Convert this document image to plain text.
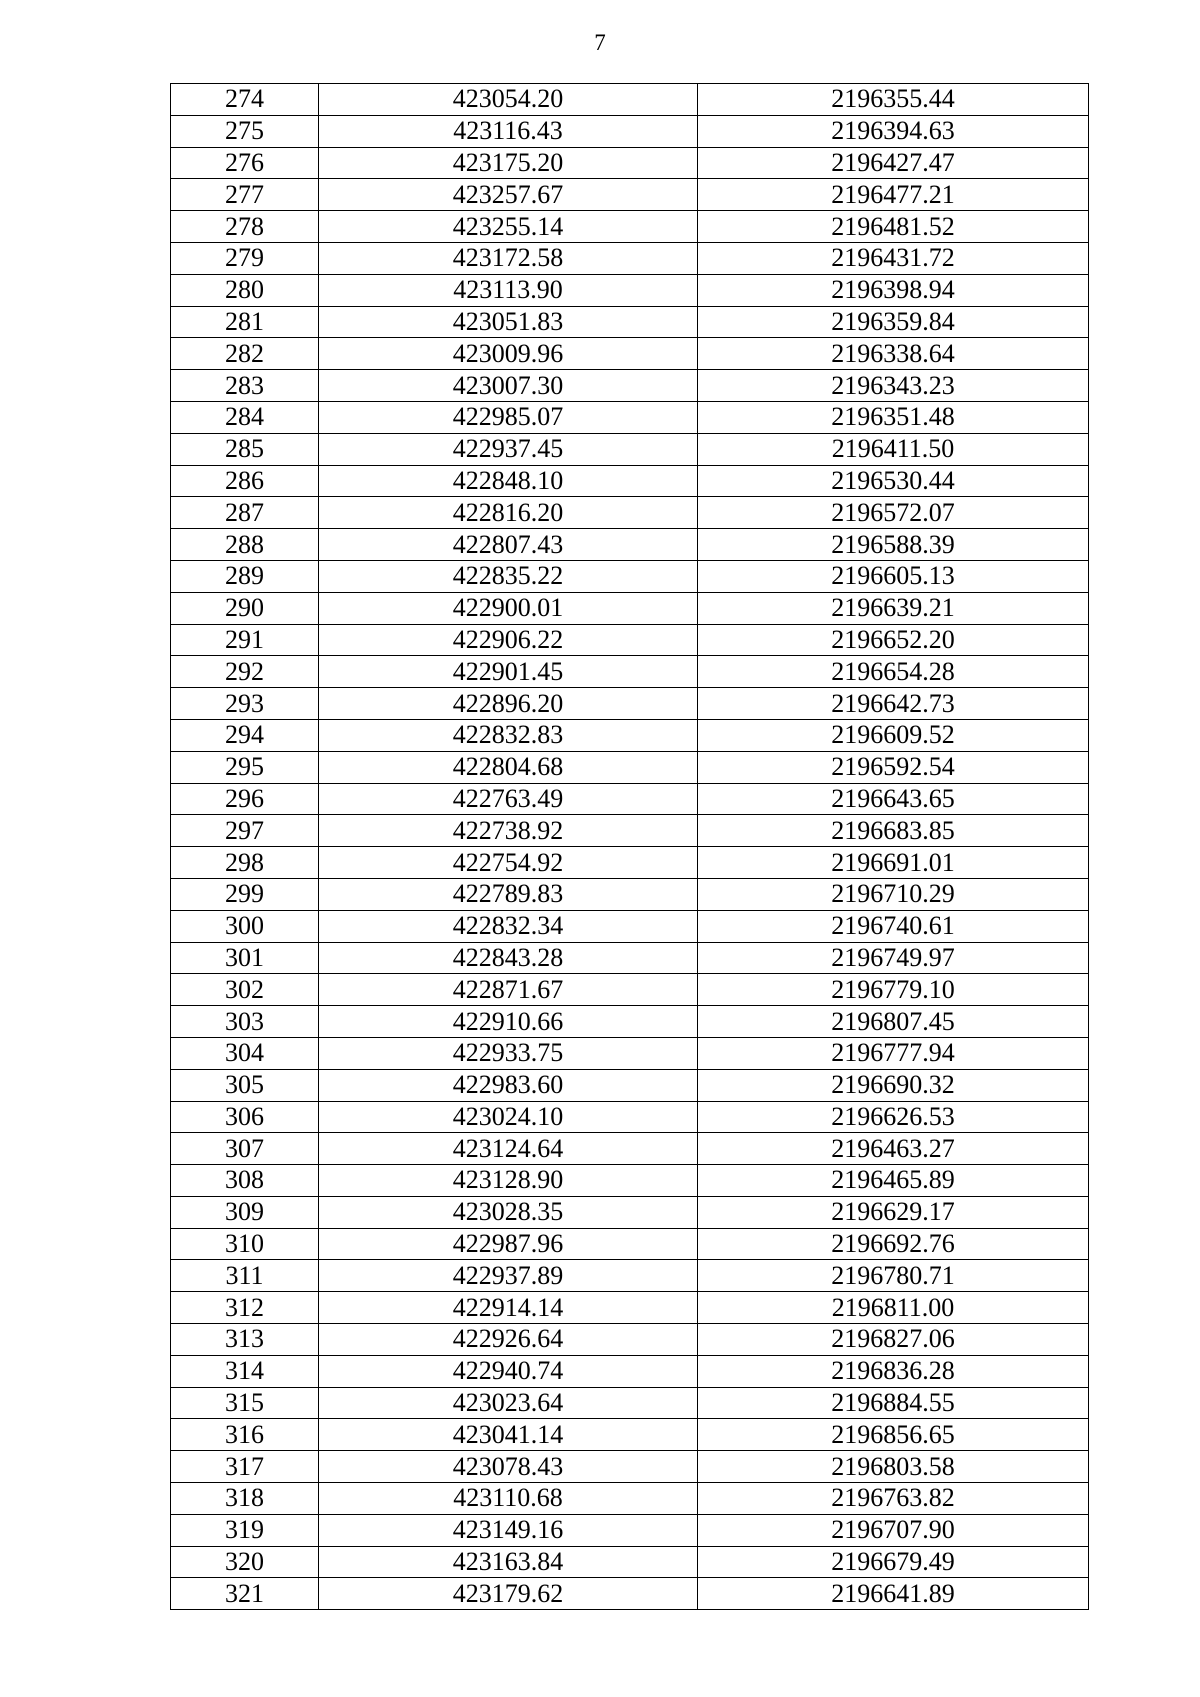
7
274	423054.20	2196355.44
275	423116.43	2196394.63
276	423175.20	2196427.47
277	423257.67	2196477.21
278	423255.14	2196481.52
279	423172.58	2196431.72
280	423113.90	2196398.94
281	423051.83	2196359.84
282	423009.96	2196338.64
283	423007.30	2196343.23
284	422985.07	2196351.48
285	422937.45	2196411.50
286	422848.10	2196530.44
287	422816.20	2196572.07
288	422807.43	2196588.39
289	422835.22	2196605.13
290	422900.01	2196639.21
291	422906.22	2196652.20
292	422901.45	2196654.28
293	422896.20	2196642.73
294	422832.83	2196609.52
295	422804.68	2196592.54
296	422763.49	2196643.65
297	422738.92	2196683.85
298	422754.92	2196691.01
299	422789.83	2196710.29
300	422832.34	2196740.61
301	422843.28	2196749.97
302	422871.67	2196779.10
303	422910.66	2196807.45
304	422933.75	2196777.94
305	422983.60	2196690.32
306	423024.10	2196626.53
307	423124.64	2196463.27
308	423128.90	2196465.89
309	423028.35	2196629.17
310	422987.96	2196692.76
311	422937.89	2196780.71
312	422914.14	2196811.00
313	422926.64	2196827.06
314	422940.74	2196836.28
315	423023.64	2196884.55
316	423041.14	2196856.65
317	423078.43	2196803.58
318	423110.68	2196763.82
319	423149.16	2196707.90
320	423163.84	2196679.49
321	423179.62	2196641.89
